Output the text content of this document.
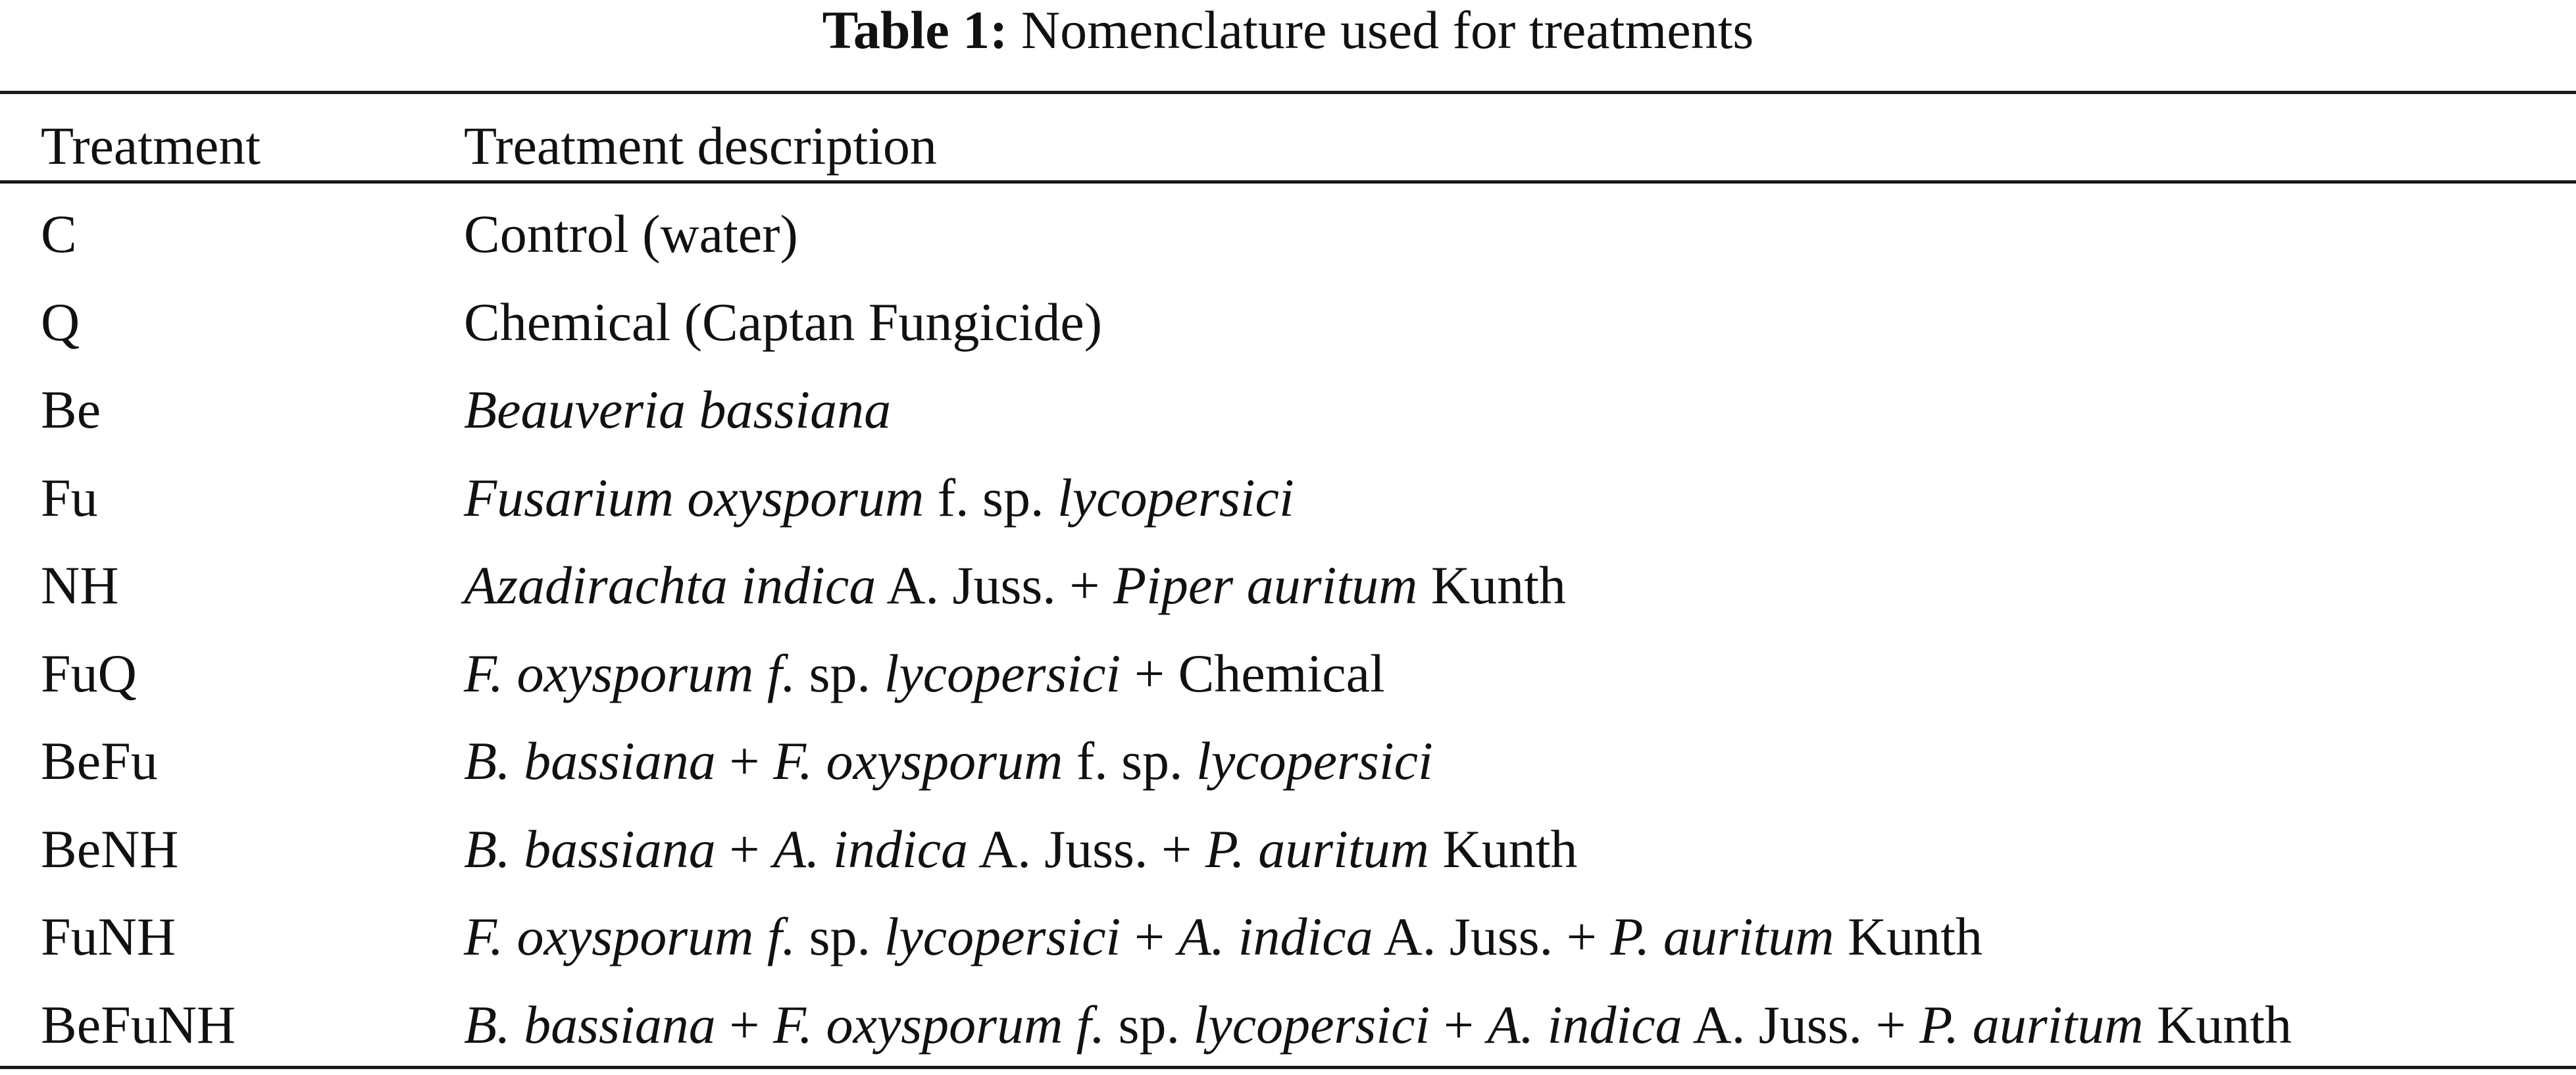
Table 1: Nomenclature used for treatments
Treatment	Treatment description
C	Control (water)
Q	Chemical (Captan Fungicide)
Be	Beauveria bassiana
Fu	Fusarium oxysporum f. sp. lycopersici
NH	Azadirachta indica A. Juss. + Piper auritum Kunth
FuQ	F. oxysporum f. sp. lycopersici + Chemical
BeFu	B. bassiana + F. oxysporum f. sp. lycopersici
BeNH	B. bassiana + A. indica A. Juss. + P. auritum Kunth
FuNH	F. oxysporum f. sp. lycopersici + A. indica A. Juss. + P. auritum Kunth
BeFuNH	B. bassiana + F. oxysporum f. sp. lycopersici + A. indica A. Juss. + P. auritum Kunth
